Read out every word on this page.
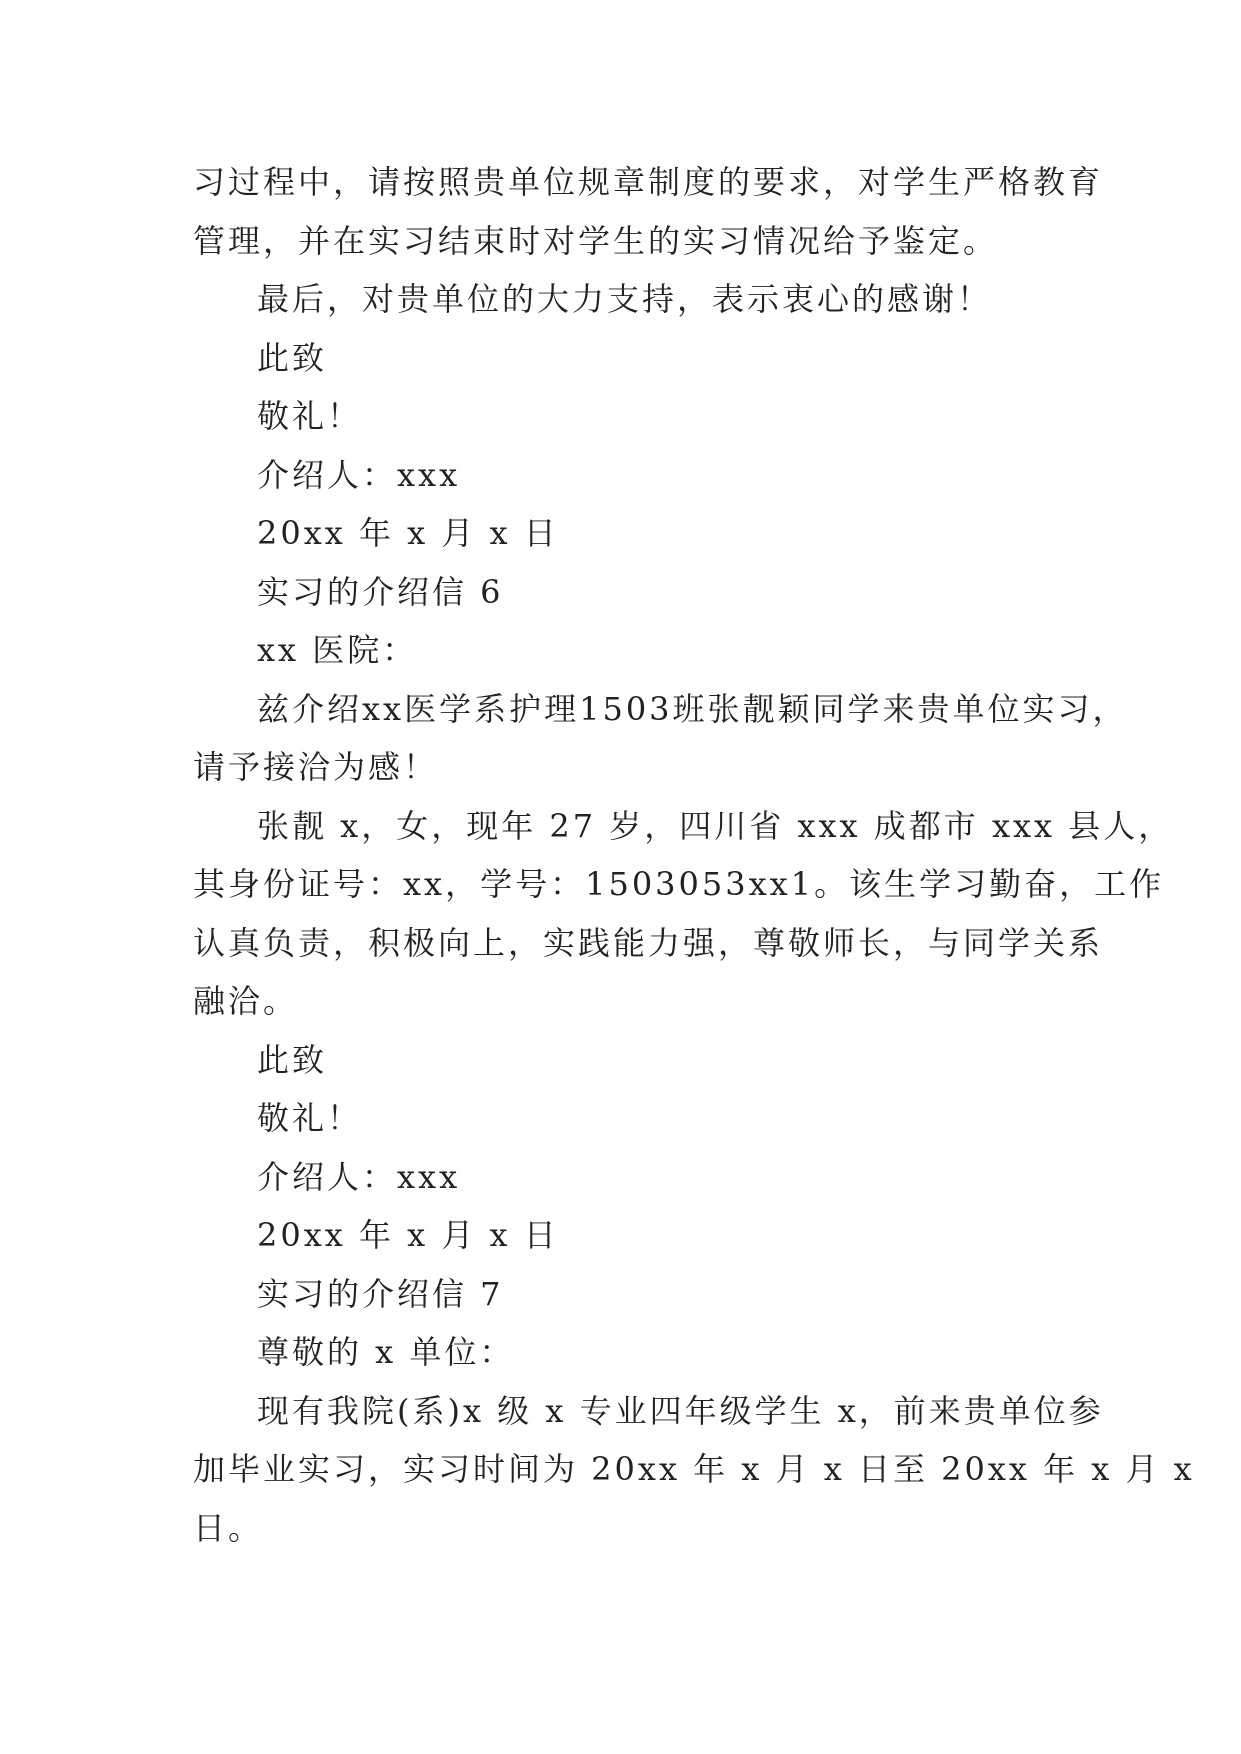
习过程中，请按照贵单位规章制度的要求，对学生严格教育

管理，并在实习结束时对学生的实习情况给予鉴定。

最后，对贵单位的大力支持，表示衷心的感谢！

此致

敬礼！

介绍人：xxx

20xx 年 x 月 x 日

实习的介绍信 6

xx 医院：

兹介绍xx医学系护理1503班张靓颖同学来贵单位实习，

请予接洽为感！

张靓 x，女，现年 27 岁，四川省 xxx 成都市 xxx 县人，

其身份证号：xx，学号：1503053xx1。该生学习勤奋，工作

认真负责，积极向上，实践能力强，尊敬师长，与同学关系

融洽。

此致

敬礼！

介绍人：xxx

20xx 年 x 月 x 日

实习的介绍信 7

尊敬的 x 单位：

现有我院(系)x 级 x 专业四年级学生 x，前来贵单位参

加毕业实习，实习时间为 20xx 年 x 月 x 日至 20xx 年 x 月 x

日。
